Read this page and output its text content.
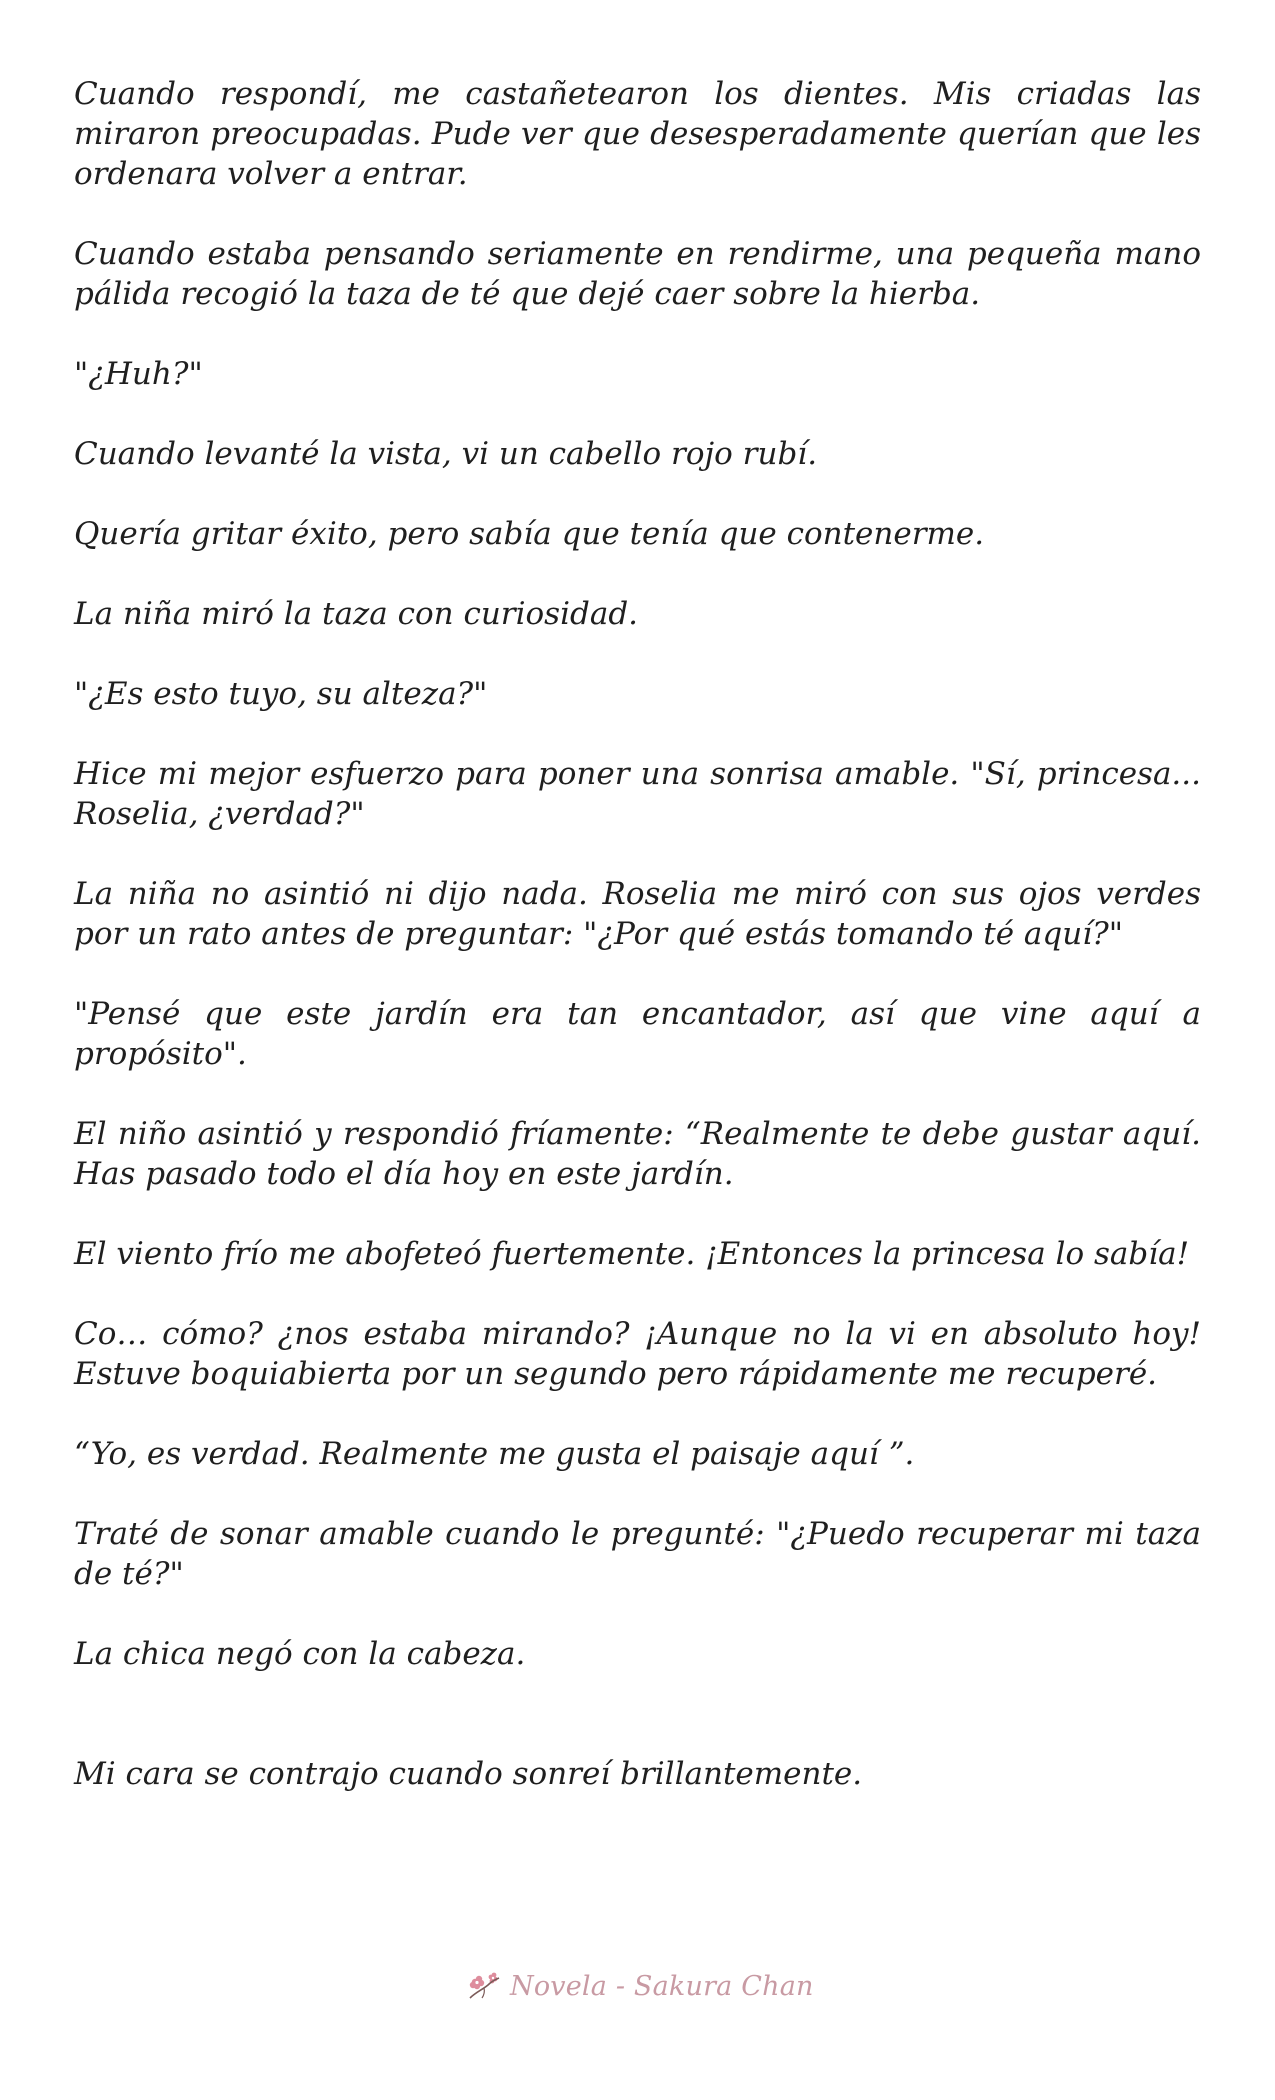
Cuando respondí, me castañetearon los dientes. Mis criadas las miraron preocupadas. Pude ver que desesperadamente querían que les ordenara volver a entrar.

Cuando estaba pensando seriamente en rendirme, una pequeña mano pálida recogió la taza de té que dejé caer sobre la hierba.

"¿Huh?"

Cuando levanté la vista, vi un cabello rojo rubí.

Quería gritar éxito, pero sabía que tenía que contenerme.

La niña miró la taza con curiosidad.

"¿Es esto tuyo, su alteza?"

Hice mi mejor esfuerzo para poner una sonrisa amable. "Sí, princesa... Roselia, ¿verdad?"

La niña no asintió ni dijo nada. Roselia me miró con sus ojos verdes por un rato antes de preguntar: "¿Por qué estás tomando té aquí?"

"Pensé que este jardín era tan encantador, así que vine aquí a propósito".

El niño asintió y respondió fríamente: “Realmente te debe gustar aquí. Has pasado todo el día hoy en este jardín.

El viento frío me abofeteó fuertemente. ¡Entonces la princesa lo sabía!

Co… cómo? ¿nos estaba mirando? ¡Aunque no la vi en absoluto hoy! Estuve boquiabierta por un segundo pero rápidamente me recuperé.

“Yo, es verdad. Realmente me gusta el paisaje aquí ”.

Traté de sonar amable cuando le pregunté: "¿Puedo recuperar mi taza de té?"

La chica negó con la cabeza.

Mi cara se contrajo cuando sonreí brillantemente.

Novela - Sakura Chan
